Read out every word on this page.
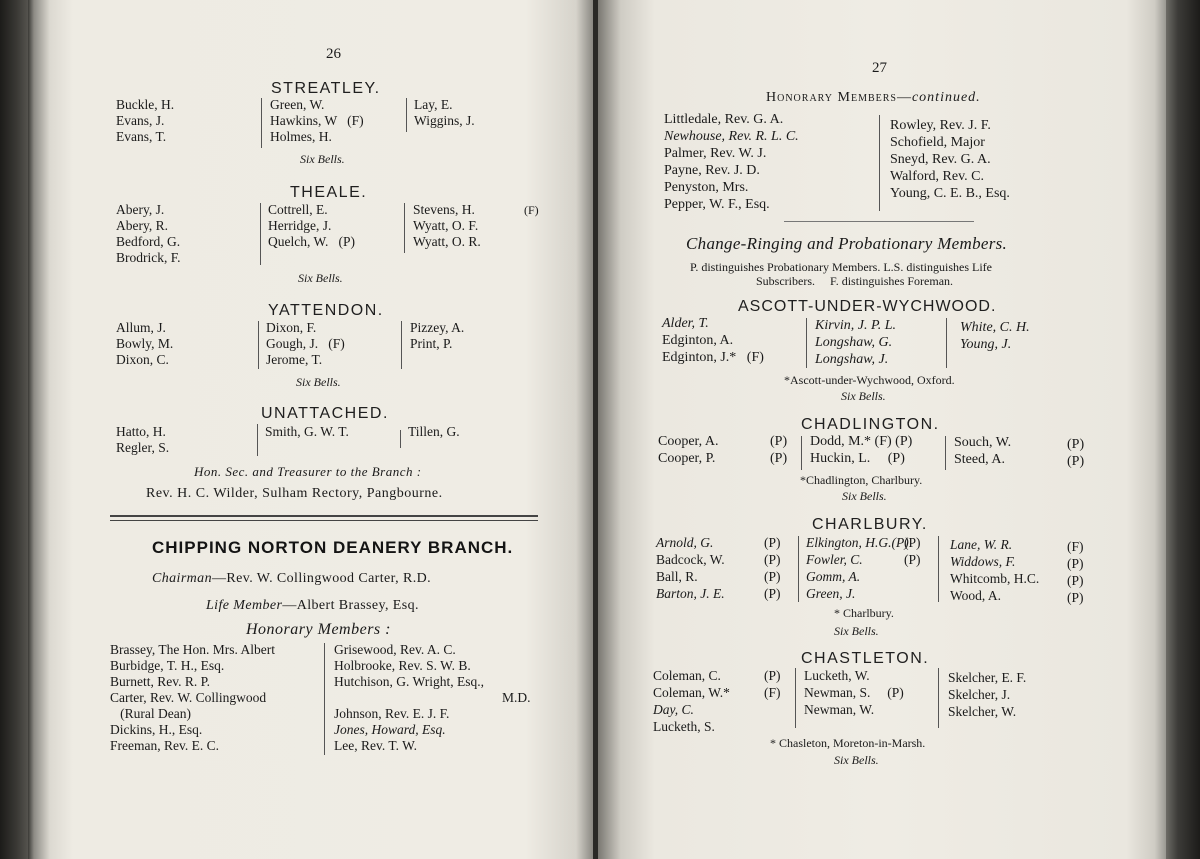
26
STREATLEY.
Buckle, H.
Evans, J.
Evans, T.
Green, W.
Hawkins, W   (F)
Holmes, H.
Lay, E.
Wiggins, J.
Six Bells.
THEALE.
Abery, J.
Abery, R.
Bedford, G.
Brodrick, F.
Cottrell, E.
Herridge, J.
Quelch, W.   (P)
Stevens, H.
Wyatt, O. F.
Wyatt, O. R.
(F)
Six Bells.
YATTENDON.
Allum, J.
Bowly, M.
Dixon, C.
Dixon, F.
Gough, J.   (F)
Jerome, T.
Pizzey, A.
Print, P.
Six Bells.
UNATTACHED.
Hatto, H.
Regler, S.
Smith, G. W. T.	Tillen, G.
Hon. Sec. and Treasurer to the Branch :
Rev. H. C. Wilder, Sulham Rectory, Pangbourne.
CHIPPING NORTON DEANERY BRANCH.
Chairman—Rev. W. Collingwood Carter, R.D.
Life Member—Albert Brassey, Esq.
Honorary Members :
Brassey, The Hon. Mrs. Albert
Burbidge, T. H., Esq.
Burnett, Rev. R. P.
Carter, Rev. W. Collingwood
(Rural Dean)
Dickins, H., Esq.
Freeman, Rev. E. C.
Grisewood, Rev. A. C.
Holbrooke, Rev. S. W. B.
Hutchison, G. Wright, Esq.,
M.D.
Johnson, Rev. E. J. F.
Jones, Howard, Esq.
Lee, Rev. T. W.
27
Honorary Members—continued.
Littledale, Rev. G. A.
Newhouse, Rev. R. L. C.
Palmer, Rev. W. J.
Payne, Rev. J. D.
Penyston, Mrs.
Pepper, W. F., Esq.
Rowley, Rev. J. F.
Schofield, Major
Sneyd, Rev. G. A.
Walford, Rev. C.
Young, C. E. B., Esq.
Change-Ringing and Probationary Members.
P. distinguishes Probationary Members. L.S. distinguishes Life
Subscribers.     F. distinguishes Foreman.
ASCOTT-UNDER-WYCHWOOD.
Alder, T.
Edginton, A.
Edginton, J.*   (F)
Kirvin, J. P. L.
Longshaw, G.
Longshaw, J.
White, C. H.
Young, J.
*Ascott-under-Wychwood, Oxford.
Six Bells.
CHADLINGTON.
Cooper, A.
Cooper, P.
(P)
(P)
Dodd, M.* (F) (P)
Huckin, L.     (P)
Souch, W.
Steed, A.
(P)
(P)
*Chadlington, Charlbury.
Six Bells.
CHARLBURY.
Arnold, G.
Badcock, W.
Ball, R.
Barton, J. E.
(P)
(P)
(P)
(P)
Elkington, H.G.(P)
Fowler, C.
Gomm, A.
Green, J.
(P)
(P)
Lane, W. R.
Widdows, F.
Whitcomb, H.C.
Wood, A.
(F)
(P)
(P)
(P)
* Charlbury.
Six Bells.
CHASTLETON.
Coleman, C.
Coleman, W.*
Day, C.
Lucketh, S.
(P)
(F)
Lucketh, W.
Newman, S.     (P)
Newman, W.
Skelcher, E. F.
Skelcher, J.
Skelcher, W.
* Chasleton, Moreton-in-Marsh.
Six Bells.
